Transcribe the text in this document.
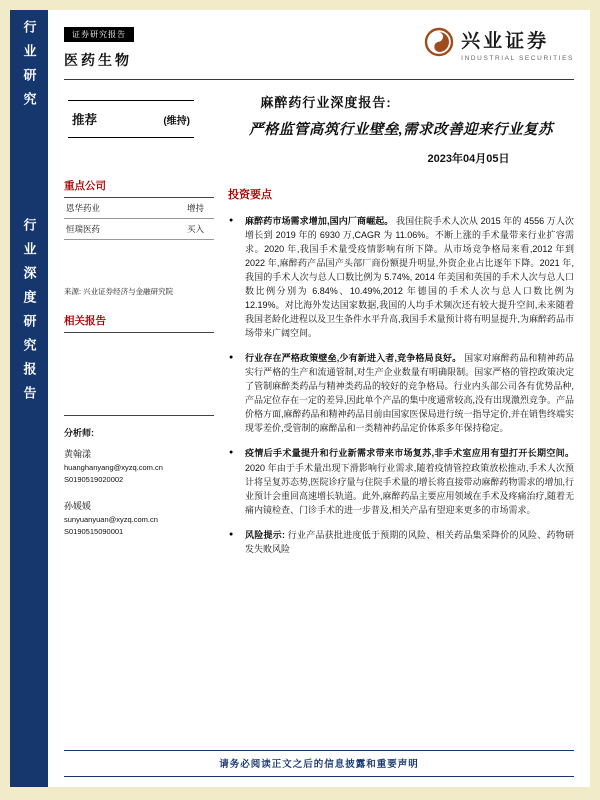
行业研究
行业深度研究报告
证券研究报告
医药生物
兴业证券
INDUSTRIAL SECURITIES
推荐	(维持)
重点公司
恩华药业	增持
恒瑞医药	买入
来源: 兴业证券经济与金融研究院
相关报告
分析师:
黄翰漾
huanghanyang@xyzq.com.cn
S0190519020002
孙媛媛
sunyuanyuan@xyzq.com.cn
S0190515090001
麻醉药行业深度报告:
严格监管高筑行业壁垒,需求改善迎来行业复苏
2023年04月05日
投资要点
● 麻醉药市场需求增加,国内厂商崛起。 我国住院手术人次从 2015 年的 4556 万人次增长到 2019 年的 6930 万,CAGR 为 11.06%。不断上涨的手术量带来行业扩容需求。2020 年,我国手术量受疫情影响有所下降。从市场竞争格局来看,2012 年到 2022 年,麻醉药产品国产头部厂商份额提升明显,外资企业占比逐年下降。2021 年,我国的手术人次与总人口数比例为 5.74%, 2014 年美国和英国的手术人次与总人口数比例分别为 6.84%、10.49%,2012 年德国的手术人次与总人口数比例为 12.19%。对比海外发达国家数据,我国的人均手术频次还有较大提升空间,未来随着我国老龄化进程以及卫生条件水平升高,我国手术量预计将有明显提升,为麻醉药品市场带来广阔空间。
● 行业存在严格政策壁垒,少有新进入者,竞争格局良好。 国家对麻醉药品和精神药品实行严格的生产和流通管制,对生产企业数量有明确限制。国家严格的管控政策决定了管制麻醉类药品与精神类药品的较好的竞争格局。行业内头部公司各有优势品种,产品定位存在一定的差异,因此单个产品的集中度通常较高,没有出现激烈竞争。产品价格方面,麻醉药品和精神药品目前由国家医保局进行统一指导定价,并在销售终端实现零差价,受管制的麻醉品和一类精神药品定价体系多年保持稳定。
● 疫情后手术量提升和行业新需求带来市场复苏,非手术室应用有望打开长期空间。 2020 年由于手术量出现下滑影响行业需求,随着疫情管控政策放松推动,手术人次预计将呈复苏态势,医院诊疗量与住院手术量的增长将直接带动麻醉药物需求的增加,行业预计会重回高速增长轨道。此外,麻醉药品主要应用领域在手术及疼痛治疗,随着无痛内镜检查、门诊手术的进一步普及,相关产品有望迎来更多的市场需求。
● 风险提示: 行业产品获批进度低于预期的风险、相关药品集采降价的风险、药物研发失败风险
请务必阅读正文之后的信息披露和重要声明
